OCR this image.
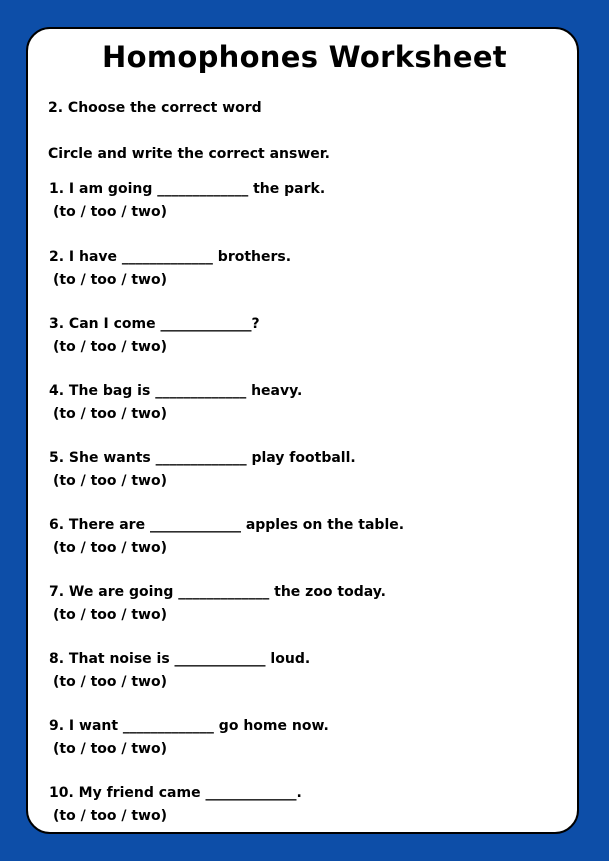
Homophones Worksheet
2. Choose the correct word
Circle and write the correct answer.
1. I am going _____________ the park.
(to / too / two)
2. I have _____________ brothers.
(to / too / two)
3. Can I come _____________?
(to / too / two)
4. The bag is _____________ heavy.
(to / too / two)
5. She wants _____________ play football.
(to / too / two)
6. There are _____________ apples on the table.
(to / too / two)
7. We are going _____________ the zoo today.
(to / too / two)
8. That noise is _____________ loud.
(to / too / two)
9. I want _____________ go home now.
(to / too / two)
10. My friend came _____________.
(to / too / two)
